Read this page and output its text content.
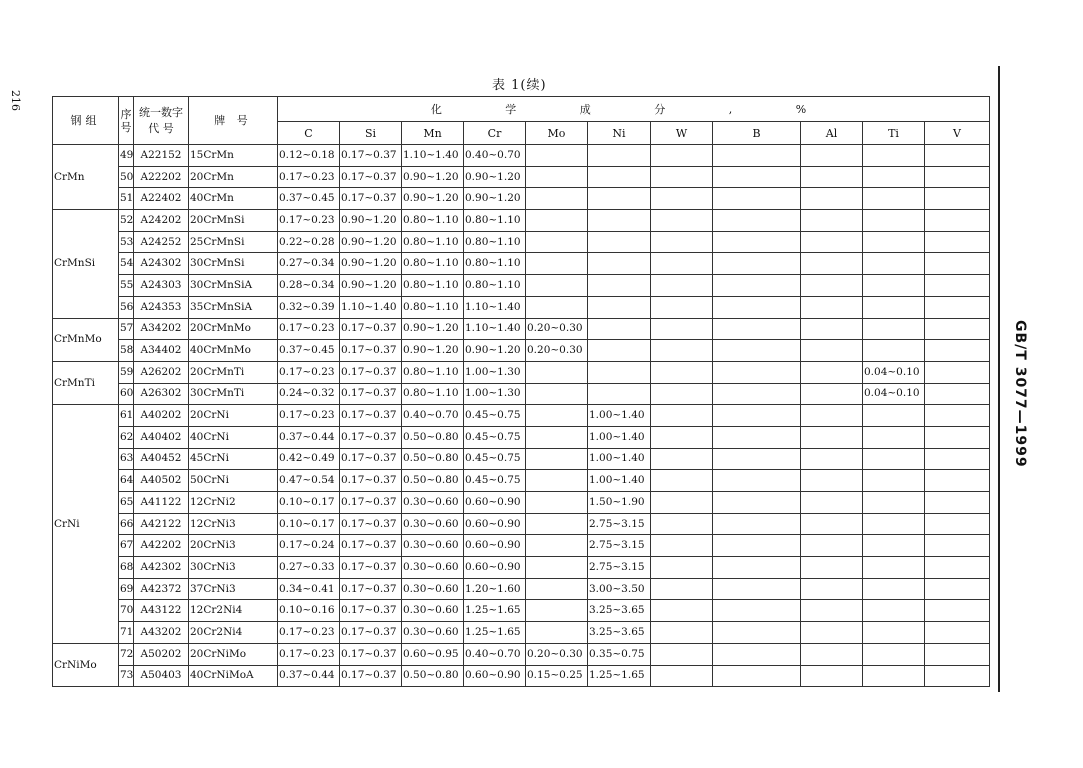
216
表 1(续)
GB/T 3077—1999
钢组	序号	统一数字代 号	牌 号	化 学 成 分 , %										
				C	Si	Mn	Cr	Mo	Ni	W	B	Al	Ti	V
CrMn	49	A22152	15CrMn	0.12~0.18	0.17~0.37	1.10~1.40	0.40~0.70							
	50	A22202	20CrMn	0.17~0.23	0.17~0.37	0.90~1.20	0.90~1.20							
	51	A22402	40CrMn	0.37~0.45	0.17~0.37	0.90~1.20	0.90~1.20							
CrMnSi	52	A24202	20CrMnSi	0.17~0.23	0.90~1.20	0.80~1.10	0.80~1.10							
	53	A24252	25CrMnSi	0.22~0.28	0.90~1.20	0.80~1.10	0.80~1.10							
	54	A24302	30CrMnSi	0.27~0.34	0.90~1.20	0.80~1.10	0.80~1.10							
	55	A24303	30CrMnSiA	0.28~0.34	0.90~1.20	0.80~1.10	0.80~1.10							
	56	A24353	35CrMnSiA	0.32~0.39	1.10~1.40	0.80~1.10	1.10~1.40							
CrMnMo	57	A34202	20CrMnMo	0.17~0.23	0.17~0.37	0.90~1.20	1.10~1.40	0.20~0.30						
	58	A34402	40CrMnMo	0.37~0.45	0.17~0.37	0.90~1.20	0.90~1.20	0.20~0.30						
CrMnTi	59	A26202	20CrMnTi	0.17~0.23	0.17~0.37	0.80~1.10	1.00~1.30						0.04~0.10	
	60	A26302	30CrMnTi	0.24~0.32	0.17~0.37	0.80~1.10	1.00~1.30						0.04~0.10	
CrNi	61	A40202	20CrNi	0.17~0.23	0.17~0.37	0.40~0.70	0.45~0.75		1.00~1.40					
	62	A40402	40CrNi	0.37~0.44	0.17~0.37	0.50~0.80	0.45~0.75		1.00~1.40					
	63	A40452	45CrNi	0.42~0.49	0.17~0.37	0.50~0.80	0.45~0.75		1.00~1.40					
	64	A40502	50CrNi	0.47~0.54	0.17~0.37	0.50~0.80	0.45~0.75		1.00~1.40					
	65	A41122	12CrNi2	0.10~0.17	0.17~0.37	0.30~0.60	0.60~0.90		1.50~1.90					
	66	A42122	12CrNi3	0.10~0.17	0.17~0.37	0.30~0.60	0.60~0.90		2.75~3.15					
	67	A42202	20CrNi3	0.17~0.24	0.17~0.37	0.30~0.60	0.60~0.90		2.75~3.15					
	68	A42302	30CrNi3	0.27~0.33	0.17~0.37	0.30~0.60	0.60~0.90		2.75~3.15					
	69	A42372	37CrNi3	0.34~0.41	0.17~0.37	0.30~0.60	1.20~1.60		3.00~3.50					
	70	A43122	12Cr2Ni4	0.10~0.16	0.17~0.37	0.30~0.60	1.25~1.65		3.25~3.65					
	71	A43202	20Cr2Ni4	0.17~0.23	0.17~0.37	0.30~0.60	1.25~1.65		3.25~3.65					
CrNiMo	72	A50202	20CrNiMo	0.17~0.23	0.17~0.37	0.60~0.95	0.40~0.70	0.20~0.30	0.35~0.75					
	73	A50403	40CrNiMoA	0.37~0.44	0.17~0.37	0.50~0.80	0.60~0.90	0.15~0.25	1.25~1.65					
